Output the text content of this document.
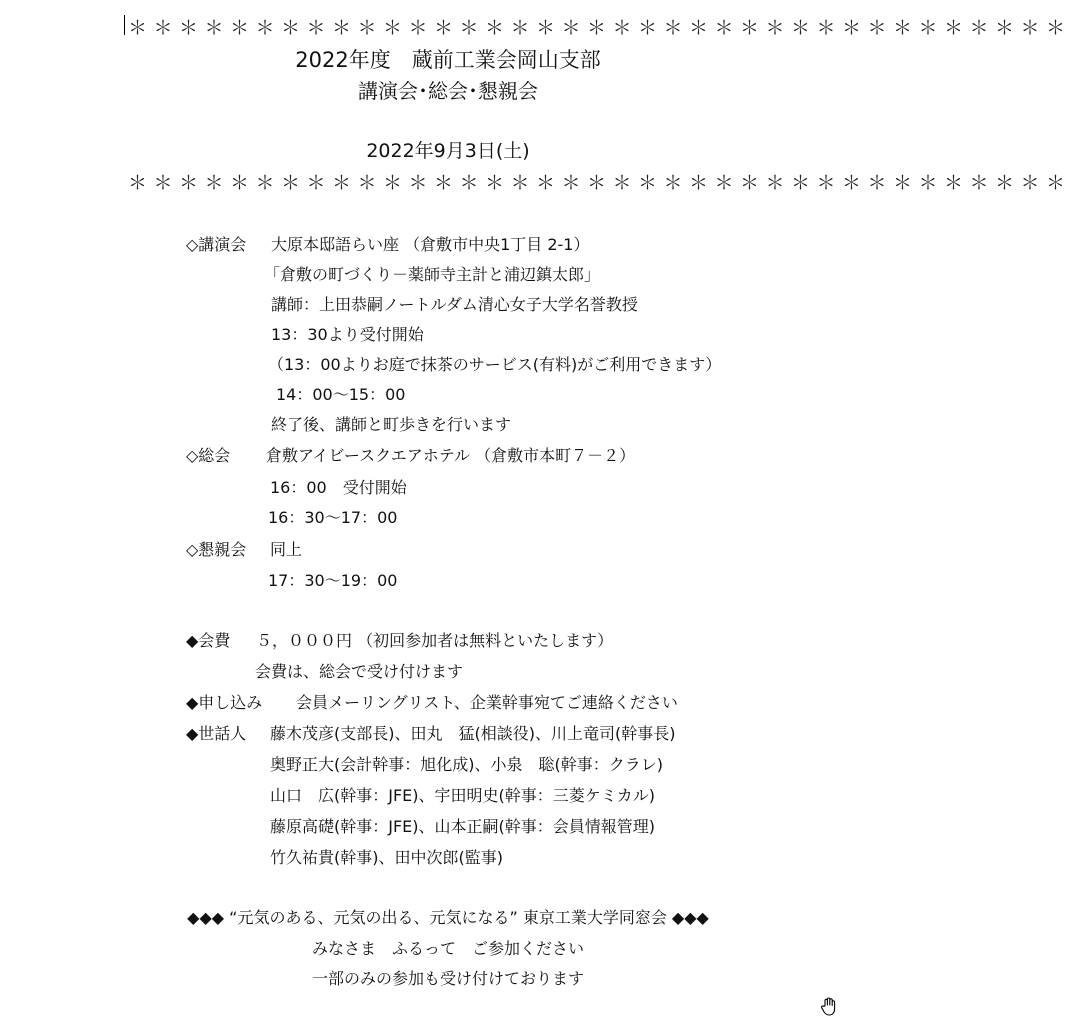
＊＊＊＊＊＊＊＊＊＊＊＊＊＊＊＊＊＊＊＊＊＊＊＊＊＊＊＊＊＊＊＊＊＊＊＊＊
2022年度　蔵前工業会岡山支部
講演会･総会･懇親会
2022年9月3日(土)
＊＊＊＊＊＊＊＊＊＊＊＊＊＊＊＊＊＊＊＊＊＊＊＊＊＊＊＊＊＊＊＊＊＊＊＊＊
◇講演会 大原本邸語らい座 （倉敷市中央1丁目 2-1）
「倉敷の町づくり－薬師寺主計と浦辺鎮太郎」
講師：上田恭嗣ノートルダム清心女子大学名誉教授
13：30より受付開始
（13：00よりお庭で抹茶のサービス(有料)がご利用できます）
14：00～15：00
終了後、講師と町歩きを行います
◇総会 倉敷アイビースクエアホテル （倉敷市本町７－２）
16：00　受付開始
16：30～17：00
◇懇親会 同上
17：30～19：00
◆会費 ５，０００円 （初回参加者は無料といたします）
会費は、総会で受け付けます
◆申し込み 会員メーリングリスト、企業幹事宛てご連絡ください
◆世話人 藤木茂彦(支部長)、田丸　猛(相談役)、川上竜司(幹事長)
奥野正大(会計幹事：旭化成)、小泉　聡(幹事：クラレ)
山口　広(幹事：JFE)、宇田明史(幹事：三菱ケミカル)
藤原高礎(幹事：JFE)、山本正嗣(幹事：会員情報管理)
竹久祐貴(幹事)、田中次郎(監事)
◆◆◆ “元気のある、元気の出る、元気になる” 東京工業大学同窓会 ◆◆◆
みなさま　ふるって　ご参加ください
一部のみの参加も受け付けております
